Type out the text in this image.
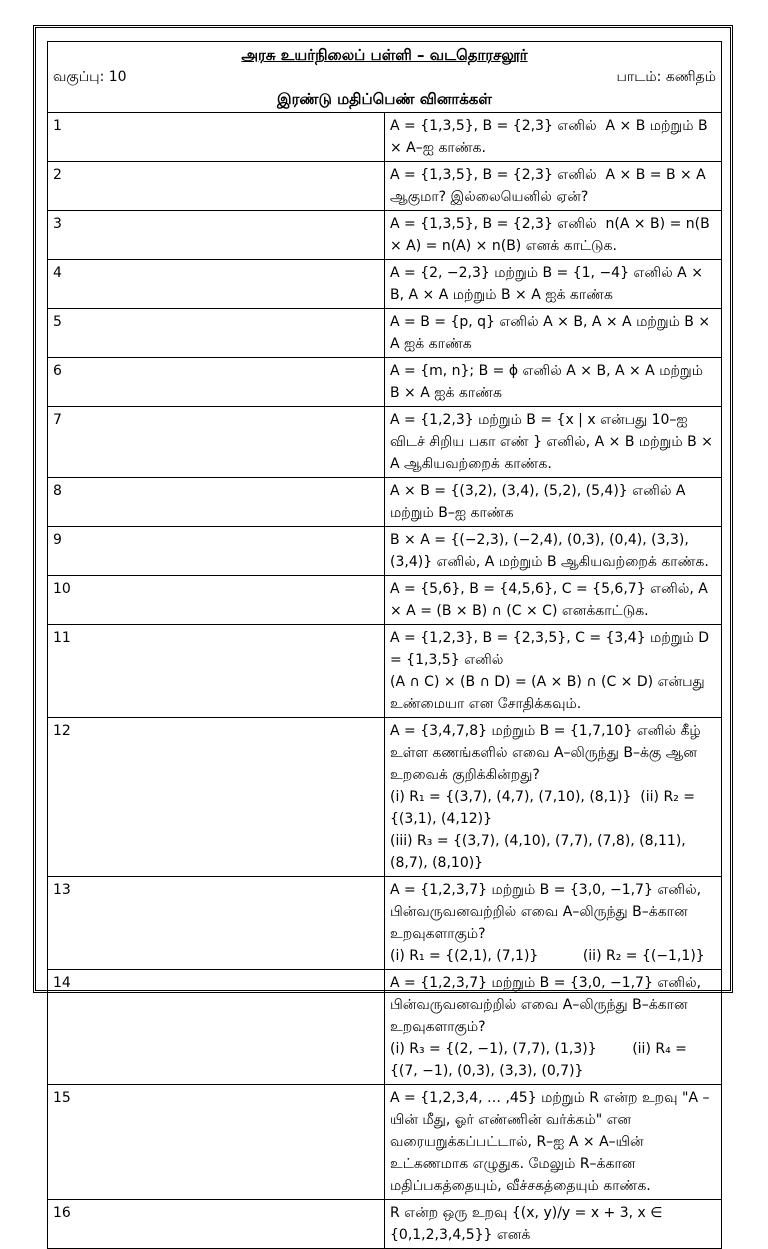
அரசு உயர்நிலைப் பள்ளி – வடதொரசலூர்
வகுப்பு: 10 பாடம்: கணிதம்
இரண்டு மதிப்பெண் வினாக்கள்	

1	A = {1,3,5}, B = {2,3} எனில்  A × B மற்றும் B × A–ஐ காண்க.
2	A = {1,3,5}, B = {2,3} எனில்  A × B = B × A ஆகுமா? இல்லையெனில் ஏன்?
3	A = {1,3,5}, B = {2,3} எனில்  n(A × B) = n(B × A) = n(A) × n(B) எனக் காட்டுக.
4	A = {2, −2,3} மற்றும் B = {1, −4} எனில் A × B, A × A மற்றும் B × A ஐக் காண்க
5	A = B = {p, q} எனில் A × B, A × A மற்றும் B × A ஐக் காண்க
6	A = {m, n}; B = ϕ எனில் A × B, A × A மற்றும் B × A ஐக் காண்க
7	A = {1,2,3} மற்றும் B = {x | x என்பது 10–ஐ விடச் சிறிய பகா எண் } எனில், A × B மற்றும் B × A ஆகியவற்றைக் காண்க.
8	A × B = {(3,2), (3,4), (5,2), (5,4)} எனில் A மற்றும் B–ஐ காண்க
9	B × A = {(−2,3), (−2,4), (0,3), (0,4), (3,3), (3,4)} எனில், A மற்றும் B ஆகியவற்றைக் காண்க.
10	A = {5,6}, B = {4,5,6}, C = {5,6,7} எனில், A × A = (B × B) ∩ (C × C) எனக்காட்டுக.
11	A = {1,2,3}, B = {2,3,5}, C = {3,4} மற்றும் D = {1,3,5} எனில்
(A ∩ C) × (B ∩ D) = (A × B) ∩ (C × D) என்பது உண்மையா என சோதிக்கவும்.
12	A = {3,4,7,8} மற்றும் B = {1,7,10} எனில் கீழ் உள்ள கணங்களில் எவை A–லிருந்து B–க்கு ஆன உறவைக் குறிக்கின்றது?
(i) R₁ = {(3,7), (4,7), (7,10), (8,1)}  (ii) R₂ = {(3,1), (4,12)}
(iii) R₃ = {(3,7), (4,10), (7,7), (7,8), (8,11), (8,7), (8,10)}
13	A = {1,2,3,7} மற்றும் B = {3,0, −1,7} எனில், பின்வருவனவற்றில் எவை A–லிருந்து B–க்கான உறவுகளாகும்?
(i) R₁ = {(2,1), (7,1)}          (ii) R₂ = {(−1,1)}
14	A = {1,2,3,7} மற்றும் B = {3,0, −1,7} எனில், பின்வருவனவற்றில் எவை A–லிருந்து B–க்கான உறவுகளாகும்?
(i) R₃ = {(2, −1), (7,7), (1,3)}        (ii) R₄ = {(7, −1), (0,3), (3,3), (0,7)}
15	A = {1,2,3,4, … ,45} மற்றும் R என்ற உறவு "A –யின் மீது, ஓர் எண்ணின் வர்க்கம்" என வரையறுக்கப்பட்டால், R–ஐ A × A–யின் உட்கணமாக எழுதுக. மேலும் R–க்கான மதிப்பகத்தையும், வீச்சகத்தையும் காண்க.
16	R என்ற ஒரு உறவு {(x, y)/y = x + 3, x ∈ {0,1,2,3,4,5}} எனக்
